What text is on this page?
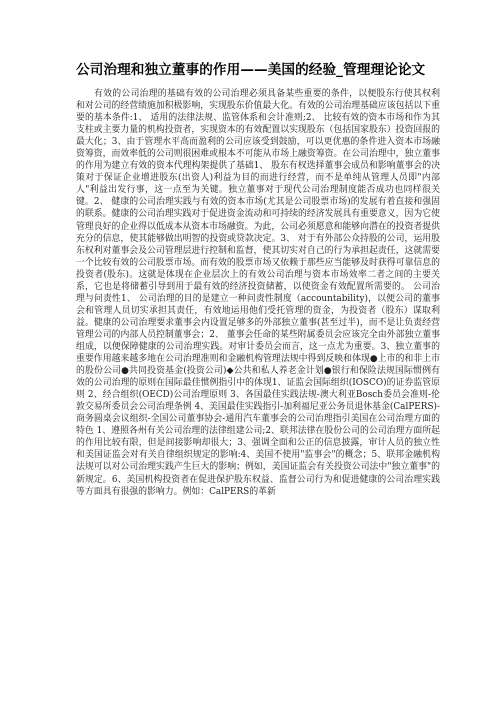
公司治理和独立董事的作用——美国的经验_管理理论论文

有效的公司治理的基础有效的公司治理必须具备某些重要的条件，以便股东行使其权利和对公司的经营绩施加积极影响，实现股东价值最大化。有效的公司治理基础应该包括以下重要的基本条件:1、 适用的法律法规、监管体系和会计准则;2、 比较有效的资本市场和作为其支柱或主要力量的机构投资者，实现资本的有效配置以实现股东（包括国家股东）投资回报的最大化；3、由于管理水平高而盈利的公司应该受到鼓励，可以更优惠的条件进入资本市场融资筹资，而效率低的公司则很困难或根本不可能从市场上融资筹资。在公司治理中，独立董事的作用为建立有效的资本代理构架提供了基础1、 股东有权选择董事会成员和影响董事会的决策对于保证企业增进股东(出资人)利益为目的而进行经营，而不是单纯从管理人员即"内部人"利益出发行事，这一点至为关键。独立董事对于现代公司治理制度能否成功也同样很关键。2、 健康的公司治理实践与有效的资本市场(尤其是公司股票市场)的发展有着直接和强固的联系。健康的公司治理实践对于促进资金流动和可持续的经济发展具有重要意义，因为它使管理良好的企业得以低成本从资本市场融资。为此，公司必须愿意和能够向潜在的投资者提供充分的信息，使其能够做出明智的投资或贷款决定。3、 对于有外部公众持股的公司，运用股东权利对董事会及公司管理层进行控制和监督，使其切实对自己的行为承担起责任，这就需要一个比较有效的公司股票市场。而有效的股票市场又依赖于那些应当能够及时获得可靠信息的投资者(股东)。这就是体现在企业层次上的有效公司治理与资本市场效率二者之间的主要关系，它也是将储蓄引导到用于最有效的经济投资储蓄，以使资金有效配置所需要的。 公司治理与问责性1、 公司治理的目的是建立一种问责性制度（accountability)，以便公司的董事会和管理人员切实承担其责任，有效地运用他们受托管理的资金，为投资者（股东）谋取利益。健康的公司治理要求董事会内设置足够多的外部独立董事(甚至过半)，而不是让负责经营管理公司的内部人员控制董事会；2、 董事会任命的某些附属委员会应该完全由外部独立董事组成，以便保障健康的公司治理实践。对审计委员会而言，这一点尤为重要。3、独立董事的重要作用越来越多地在公司治理准则和金融机构管理法规中得到反映和体现●上市的和非上市的股份公司●共同投资基金(投资公司)◆公共和私人养老金计划●银行和保险法规国际惯例有效的公司治理的原则在国际最佳惯例指引中的体现1、证监会国际组织(IOSCO)的证券监管原则 2、经合组织(OECD)公司治理原则 3、各国最佳实践法规-澳大利亚Bosch委员会准则-伦敦交易所委员会公司治理条例 4、美国最佳实践指引-加利福尼亚公务员退休基金(CalPERS)-商务圆桌会议组织-全国公司董事协会-通用汽车董事会的公司治理指引美国在公司治理方面的特色 1、遵照各州有关公司治理的法律组建公司;2、联邦法律在股份公司的公司治理方面所起的作用比较有限，但是间接影响却很大；3、强调全面和公正的信息披露，审计人员的独立性和美国证监会对有关自律组织规定的影响:4、美国不使用"监事会"的概念；5、联邦金融机构法规可以对公司治理实践产生巨大的影响；例如，美国证监会有关投资公司法中"独立董事"的新规定。6、美国机构投资者在促进保护股东权益、监督公司行为和促进健康的公司治理实践等方面具有很强的影响力。例如：CalPERS的革新
